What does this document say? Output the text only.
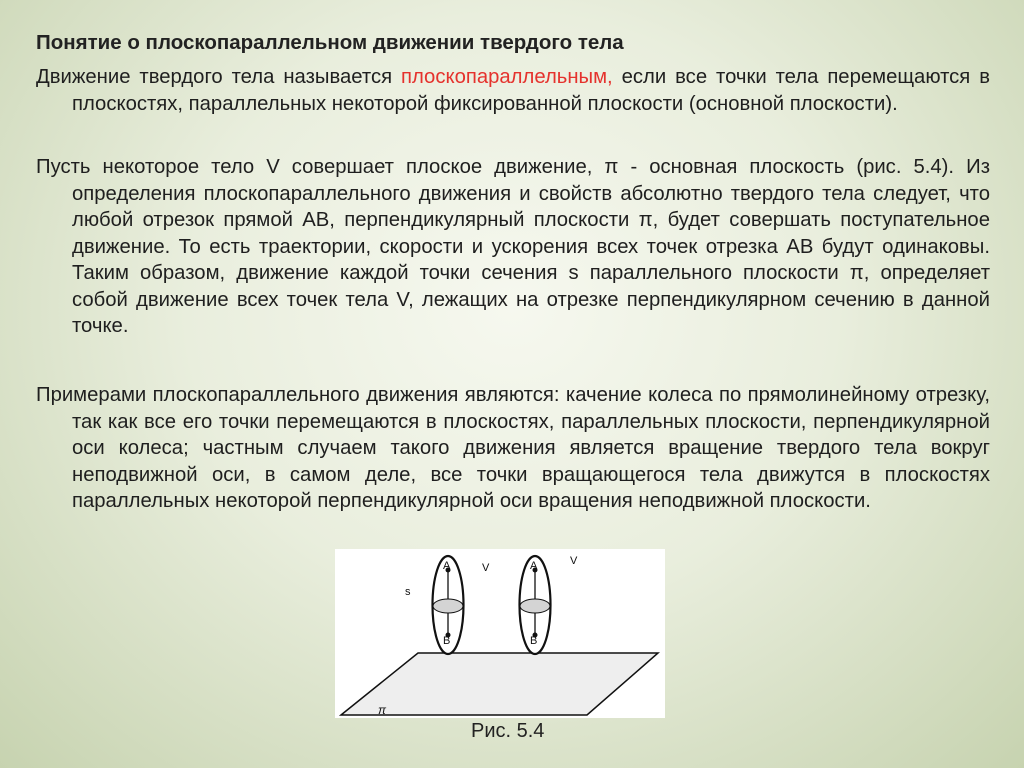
Понятие о плоскопараллельном движении твердого тела
Движение твердого тела называется плоскопараллельным, если все точки тела перемещаются в плоскостях, параллельных некоторой фиксированной плоскости (основной плоскости).
Пусть некоторое тело V совершает плоское движение, π - основная плоскость (рис. 5.4). Из определения плоскопараллельного движения и свойств абсолютно твердого тела следует, что любой отрезок прямой AB, перпендикулярный плоскости π, будет совершать поступательное движение. То есть траектории, скорости и ускорения всех точек отрезка AB будут одинаковы. Таким образом, движение каждой точки сечения s параллельного плоскости π, определяет собой движение всех точек тела V, лежащих на отрезке перпендикулярном сечению в данной точке.
Примерами плоскопараллельного движения являются: качение колеса по прямолинейному отрезку, так как все его точки перемещаются в плоскостях, параллельных плоскости, перпендикулярной оси колеса; частным случаем такого движения является вращение твердого тела вокруг неподвижной оси, в самом деле, все точки вращающегося тела движутся в плоскостях параллельных некоторой перпендикулярной оси вращения неподвижной плоскости.
π
A
B
V
s
A
B
V
Рис. 5.4
